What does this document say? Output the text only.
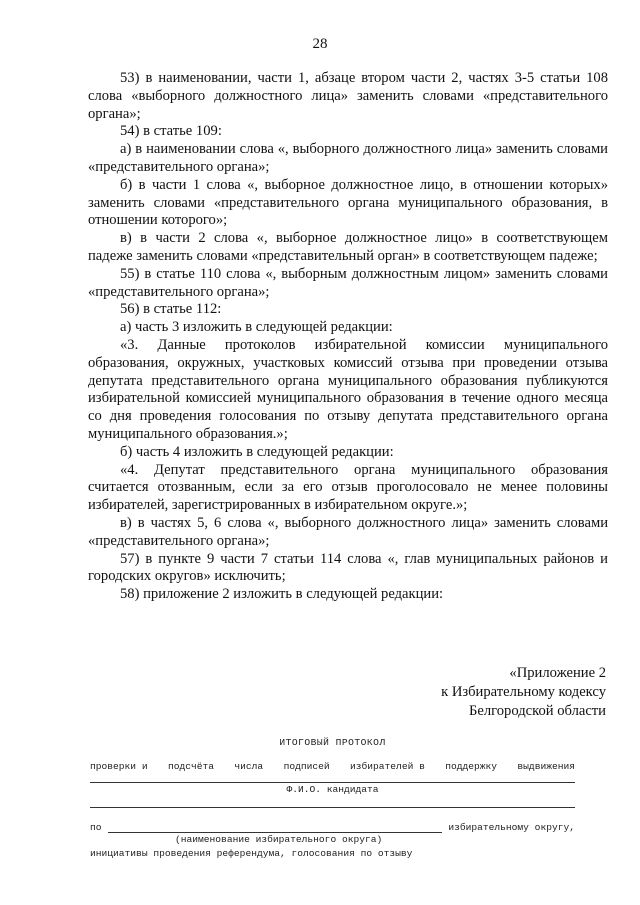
28

53) в наименовании, части 1, абзаце втором части 2, частях 3-5 статьи 108 слова «выборного должностного лица» заменить словами «представительного органа»;

54) в статье 109:

а) в наименовании слова «, выборного должностного лица» заменить словами «представительного органа»;

б) в части 1 слова «, выборное должностное лицо, в отношении которых» заменить словами «представительного органа муниципального образования, в отношении которого»;

в) в части 2 слова «, выборное должностное лицо» в соответствующем падеже заменить словами «представительный орган» в соответствующем падеже;

55) в статье 110 слова «, выборным должностным лицом» заменить словами «представительного органа»;

56) в статье 112:

а) часть 3 изложить в следующей редакции:

«3. Данные протоколов избирательной комиссии муниципального образования, окружных, участковых комиссий отзыва при проведении отзыва депутата представительного органа муниципального образования публикуются избирательной комиссией муниципального образования в течение одного месяца со дня проведения голосования по отзыву депутата представительного органа муниципального образования.»;

б) часть 4 изложить в следующей редакции:

«4. Депутат представительного органа муниципального образования считается отозванным, если за его отзыв проголосовало не менее половины избирателей, зарегистрированных в избирательном округе.»;

в) в частях 5, 6 слова «, выборного должностного лица» заменить словами «представительного органа»;

57) в пункте 9 части 7 статьи 114 слова «, глав муниципальных районов и городских округов» исключить;

58) приложение 2 изложить в следующей редакции:

«Приложение 2
к Избирательному кодексу
Белгородской области
ИТОГОВЫЙ ПРОТОКОЛ
проверки и подсчёта числа подписей избирателей в поддержку выдвижения
Ф.И.О. кандидата
по	избирательному округу,
(наименование избирательного округа)
инициативы проведения референдума, голосования по отзыву
